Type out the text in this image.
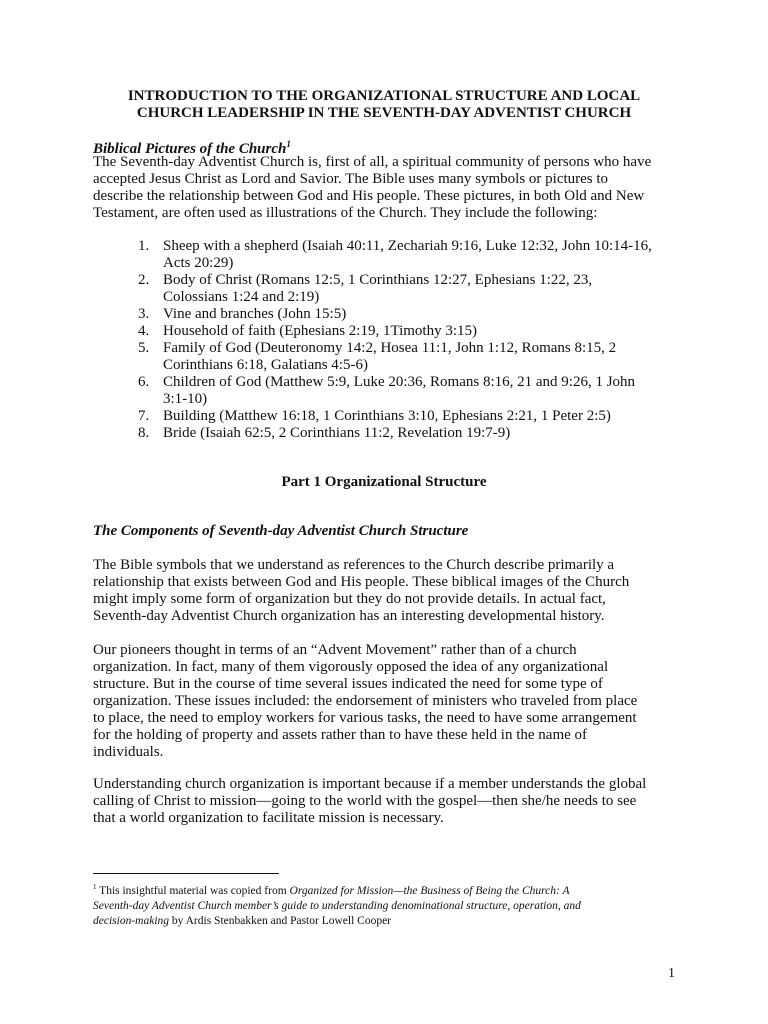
INTRODUCTION TO THE ORGANIZATIONAL STRUCTURE AND LOCAL
CHURCH LEADERSHIP IN THE SEVENTH-DAY ADVENTIST CHURCH
Biblical Pictures of the Church$^1$
The Seventh-day Adventist Church is, first of all, a spiritual community of persons who have
accepted Jesus Christ as Lord and Savior. The Bible uses many symbols or pictures to
describe the relationship between God and His people. These pictures, in both Old and New
Testament, are often used as illustrations of the Church. They include the following:
1. Sheep with a shepherd (Isaiah 40:11, Zechariah 9:16, Luke 12:32, John 10:14-16,
Acts 20:29)
2. Body of Christ (Romans 12:5, 1 Corinthians 12:27, Ephesians 1:22, 23,
Colossians 1:24 and 2:19)
3. Vine and branches (John 15:5)
4. Household of faith (Ephesians 2:19, 1Timothy 3:15)
5. Family of God (Deuteronomy 14:2, Hosea 11:1, John 1:12, Romans 8:15, 2
Corinthians 6:18, Galatians 4:5-6)
6. Children of God (Matthew 5:9, Luke 20:36, Romans 8:16, 21 and 9:26, 1 John
3:1-10)
7. Building (Matthew 16:18, 1 Corinthians 3:10, Ephesians 2:21, 1 Peter 2:5)
8. Bride (Isaiah 62:5, 2 Corinthians 11:2, Revelation 19:7-9)
Part 1 Organizational Structure
The Components of Seventh-day Adventist Church Structure
The Bible symbols that we understand as references to the Church describe primarily a
relationship that exists between God and His people. These biblical images of the Church
might imply some form of organization but they do not provide details. In actual fact,
Seventh-day Adventist Church organization has an interesting developmental history.
Our pioneers thought in terms of an “Advent Movement” rather than of a church
organization. In fact, many of them vigorously opposed the idea of any organizational
structure. But in the course of time several issues indicated the need for some type of
organization. These issues included: the endorsement of ministers who traveled from place
to place, the need to employ workers for various tasks, the need to have some arrangement
for the holding of property and assets rather than to have these held in the name of
individuals.
Understanding church organization is important because if a member understands the global
calling of Christ to mission—going to the world with the gospel—then she/he needs to see
that a world organization to facilitate mission is necessary.
$^1$ This insightful material was copied from Organized for Mission—the Business of Being the Church: A
Seventh-day Adventist Church member’s guide to understanding denominational structure, operation, and
decision-making by Ardis Stenbakken and Pastor Lowell Cooper
1
